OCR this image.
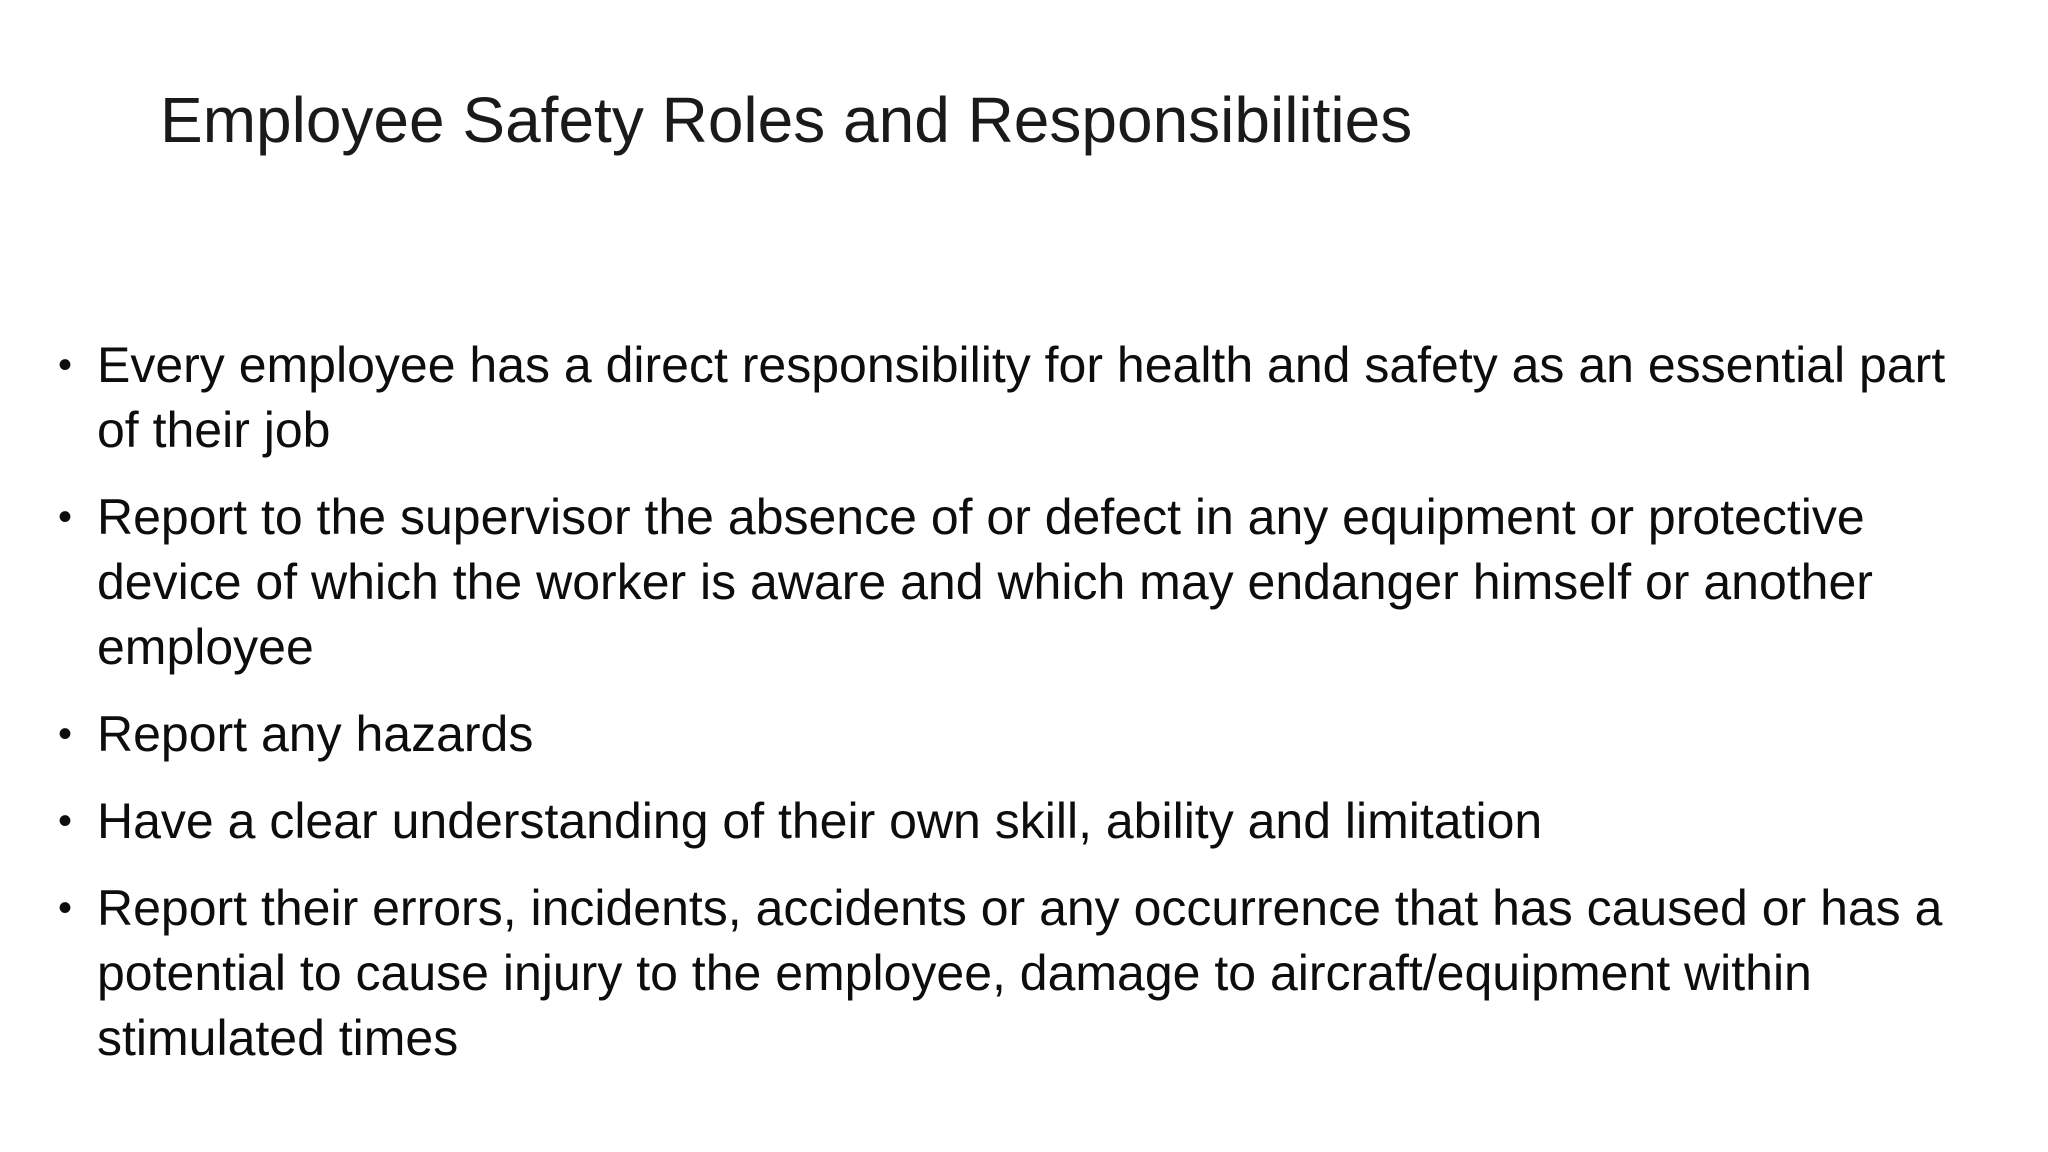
Employee Safety Roles and Responsibilities
• Every employee has a direct responsibility for health and safety as an essential part of their job
• Report to the supervisor the absence of or defect in any equipment or protective device of which the worker is aware and which may endanger himself or another employee
• Report any hazards
• Have a clear understanding of their own skill, ability and limitation
• Report their errors, incidents, accidents or any occurrence that has caused or has a potential to cause injury to the employee, damage to aircraft/equipment within stimulated times
